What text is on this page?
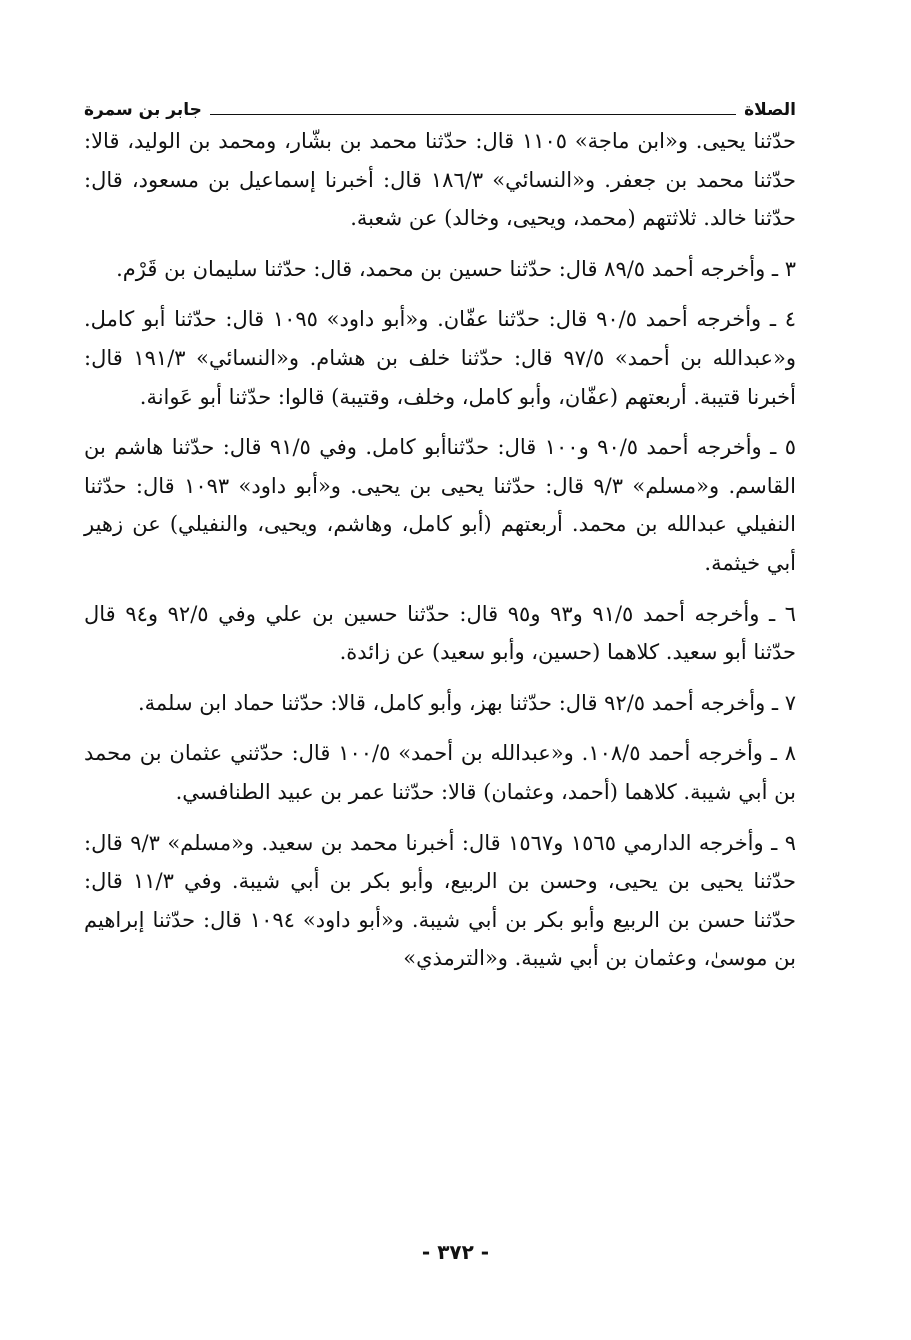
الصلاة
جابر بن سمرة

حدّثنا يحيى. و«ابن ماجة» ١١٠٥ قال: حدّثنا محمد بن بشّار، ومحمد بن الوليد، قالا: حدّثنا محمد بن جعفر. و«النسائي» ١٨٦/٣ قال: أخبرنا إسماعيل بن مسعود، قال: حدّثنا خالد. ثلاثتهم (محمد، ويحيى، وخالد) عن شعبة.

٣ ـ وأخرجه أحمد ٨٩/٥ قال: حدّثنا حسين بن محمد، قال: حدّثنا سليمان بن قَرْم.

٤ ـ وأخرجه أحمد ٩٠/٥ قال: حدّثنا عفّان. و«أبو داود» ١٠٩٥ قال: حدّثنا أبو كامل. و«عبدالله بن أحمد» ٩٧/٥ قال: حدّثنا خلف بن هشام. و«النسائي» ١٩١/٣ قال: أخبرنا قتيبة. أربعتهم (عفّان، وأبو كامل، وخلف، وقتيبة) قالوا: حدّثنا أبو عَوانة.

٥ ـ وأخرجه أحمد ٩٠/٥ و١٠٠ قال: حدّثناأبو كامل. وفي ٩١/٥ قال: حدّثنا هاشم بن القاسم. و«مسلم» ٩/٣ قال: حدّثنا يحيى بن يحيى. و«أبو داود» ١٠٩٣ قال: حدّثنا النفيلي عبدالله بن محمد. أربعتهم (أبو كامل، وهاشم، ويحيى، والنفيلي) عن زهير أبي خيثمة.

٦ ـ وأخرجه أحمد ٩١/٥ و٩٣ و٩٥ قال: حدّثنا حسين بن علي وفي ٩٢/٥ و٩٤ قال حدّثنا أبو سعيد. كلاهما (حسين، وأبو سعيد) عن زائدة.

٧ ـ وأخرجه أحمد ٩٢/٥ قال: حدّثنا بهز، وأبو كامل، قالا: حدّثنا حماد ابن سلمة.

٨ ـ وأخرجه أحمد ١٠٨/٥. و«عبدالله بن أحمد» ١٠٠/٥ قال: حدّثني عثمان بن محمد بن أبي شيبة. كلاهما (أحمد، وعثمان) قالا: حدّثنا عمر بن عبيد الطنافسي.

٩ ـ وأخرجه الدارمي ١٥٦٥ و١٥٦٧ قال: أخبرنا محمد بن سعيد. و«مسلم» ٩/٣ قال: حدّثنا يحيى بن يحيى، وحسن بن الربيع، وأبو بكر بن أبي شيبة. وفي ١١/٣ قال: حدّثنا حسن بن الربيع وأبو بكر بن أبي شيبة. و«أبو داود» ١٠٩٤ قال: حدّثنا إبراهيم بن موسىٰ، وعثمان بن أبي شيبة. و«الترمذي»

- ٣٧٢ -
